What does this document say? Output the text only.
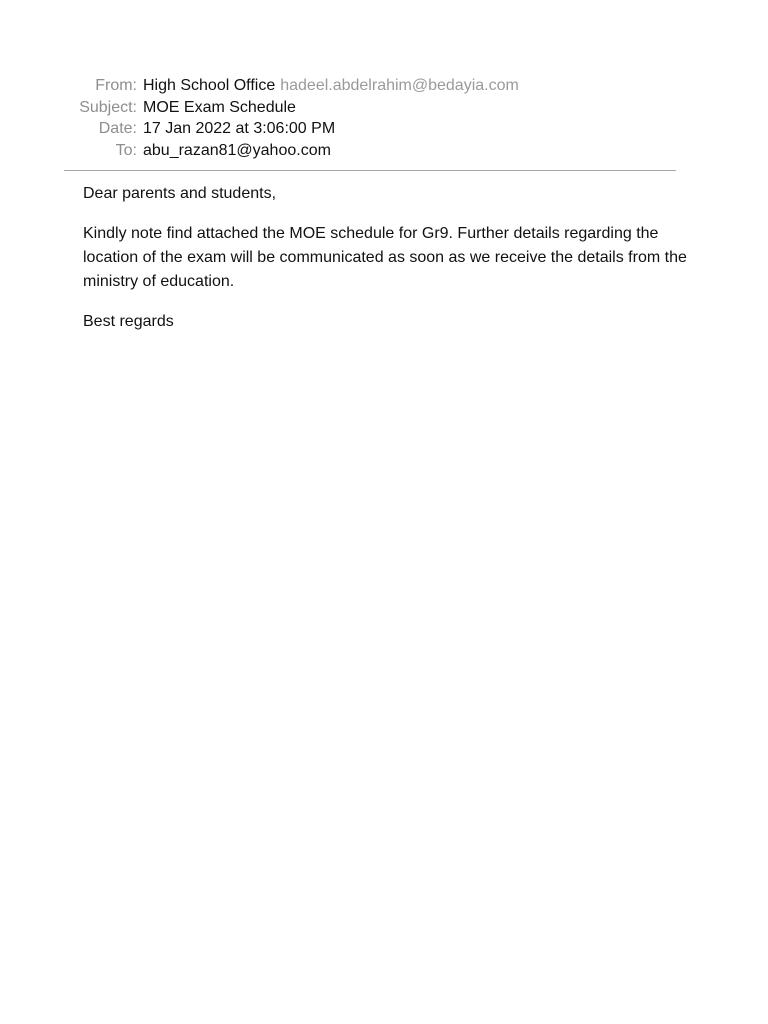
From: High School Office hadeel.abdelrahim@bedayia.com
Subject: MOE Exam Schedule
Date: 17 Jan 2022 at 3:06:00 PM
To: abu_razan81@yahoo.com

Dear parents and students,

Kindly note find attached the MOE schedule for Gr9. Further details regarding the location of the exam will be communicated as soon as we receive the details from the ministry of education.

Best regards
